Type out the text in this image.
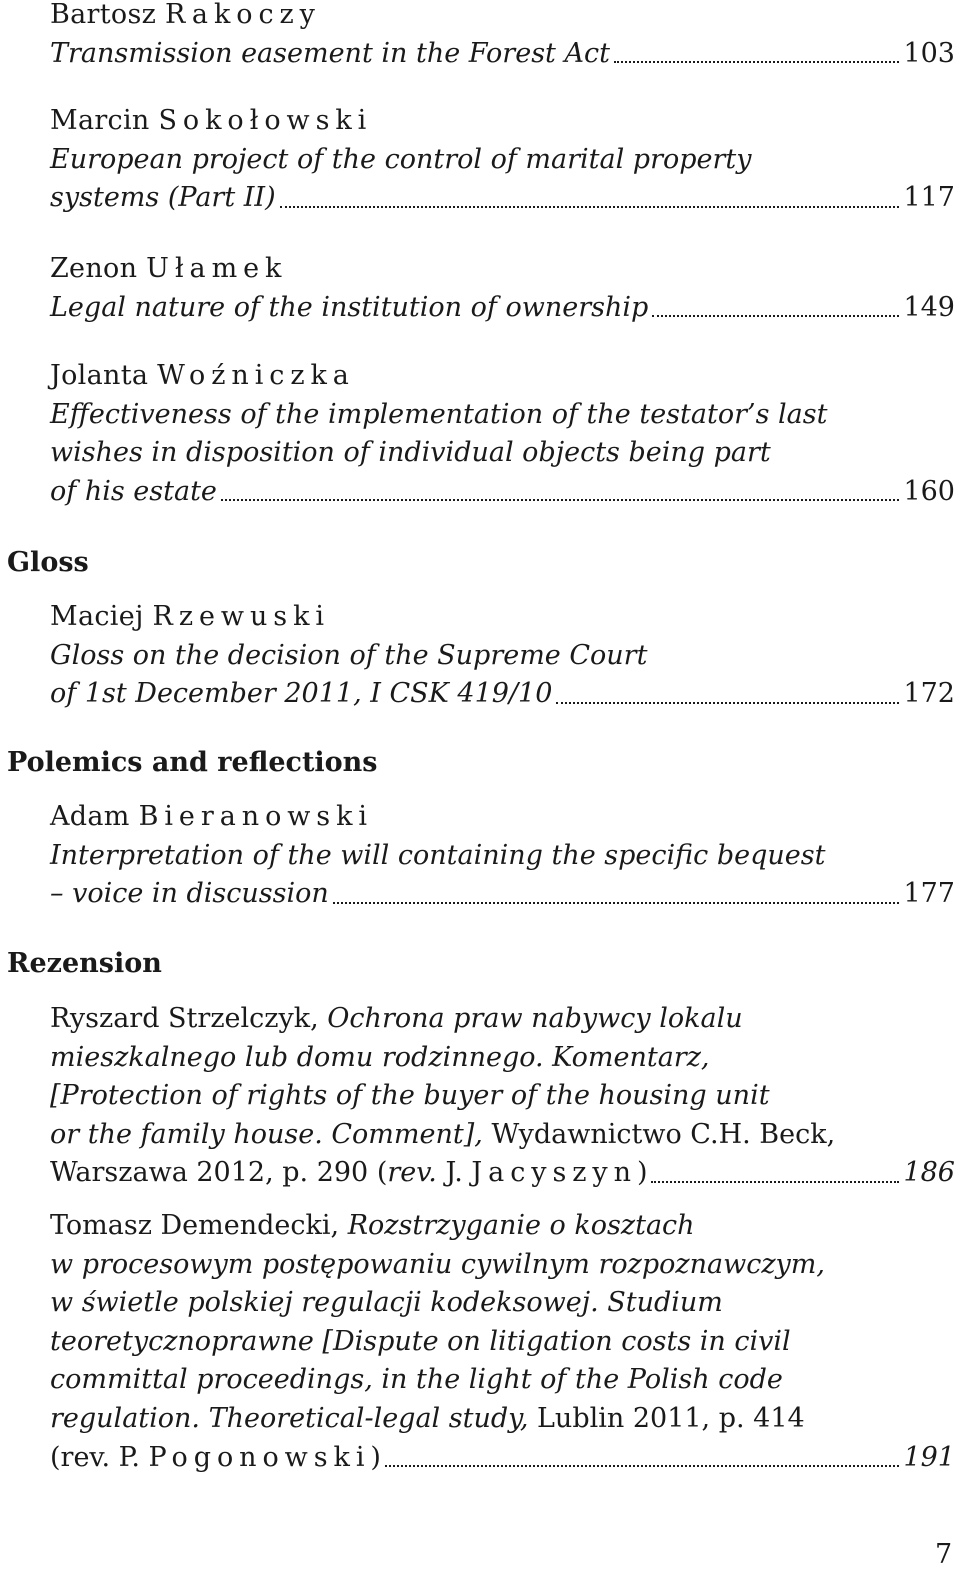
Bartosz Rakoczy
Transmission easement in the Forest Act	103
Marcin Sokołowski
European project of the control of marital property
systems (Part II)	117
Zenon Ułamek
Legal nature of the institution of ownership	149
Jolanta Woźniczka
Effectiveness of the implementation of the testator’s last
wishes in disposition of individual objects being part
of his estate	160
Gloss
Maciej Rzewuski
Gloss on the decision of the Supreme Court
of 1st December 2011, I CSK 419/10	172
Polemics and reflections
Adam Bieranowski
Interpretation of the will containing the specific bequest
– voice in discussion	177
Rezension
Ryszard Strzelczyk, Ochrona praw nabywcy lokalu
mieszkalnego lub domu rodzinnego. Komentarz,
[Protection of rights of the buyer of the housing unit
or the family house. Comment], Wydawnictwo C.H. Beck,
Warszawa 2012, p. 290 (rev. J. Jacyszyn)	186
Tomasz Demendecki, Rozstrzyganie o kosztach
w procesowym postępowaniu cywilnym rozpoznawczym,
w świetle polskiej regulacji kodeksowej. Studium
teoretycznoprawne [Dispute on litigation costs in civil
committal proceedings, in the light of the Polish code
regulation. Theoretical-legal study, Lublin 2011, p. 414
(rev. P. Pogonowski)	191
7
